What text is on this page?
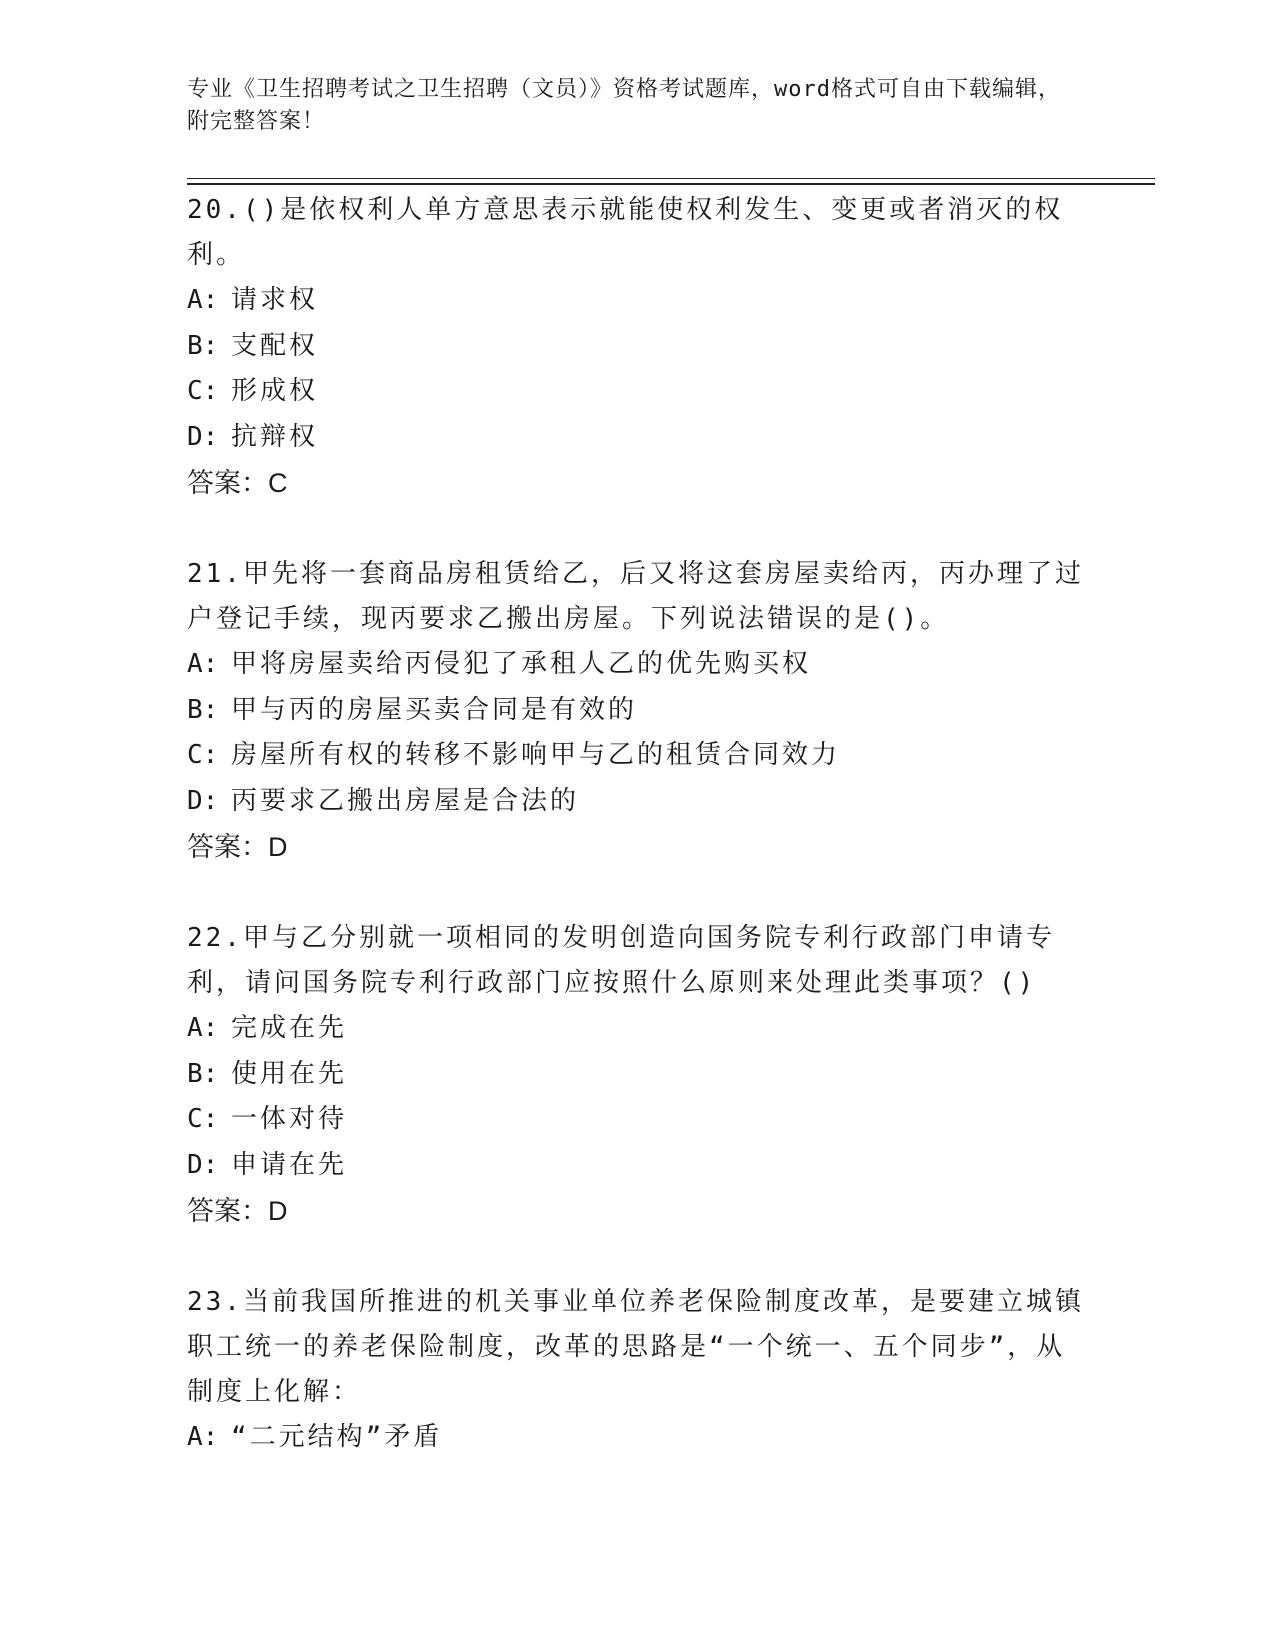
专业《卫生招聘考试之卫生招聘（文员）》资格考试题库，word格式可自由下载编辑，附完整答案！

20.()是依权利人单方意思表示就能使权利发生、变更或者消灭的权利。

A: 请求权

B: 支配权

C: 形成权

D: 抗辩权

答案：C

21.甲先将一套商品房租赁给乙，后又将这套房屋卖给丙，丙办理了过户登记手续，现丙要求乙搬出房屋。下列说法错误的是()。

A: 甲将房屋卖给丙侵犯了承租人乙的优先购买权

B: 甲与丙的房屋买卖合同是有效的

C: 房屋所有权的转移不影响甲与乙的租赁合同效力

D: 丙要求乙搬出房屋是合法的

答案：D

22.甲与乙分别就一项相同的发明创造向国务院专利行政部门申请专利，请问国务院专利行政部门应按照什么原则来处理此类事项？()

A: 完成在先

B: 使用在先

C: 一体对待

D: 申请在先

答案：D

23.当前我国所推进的机关事业单位养老保险制度改革，是要建立城镇职工统一的养老保险制度，改革的思路是“一个统一、五个同步”，从制度上化解：

A: “二元结构”矛盾
